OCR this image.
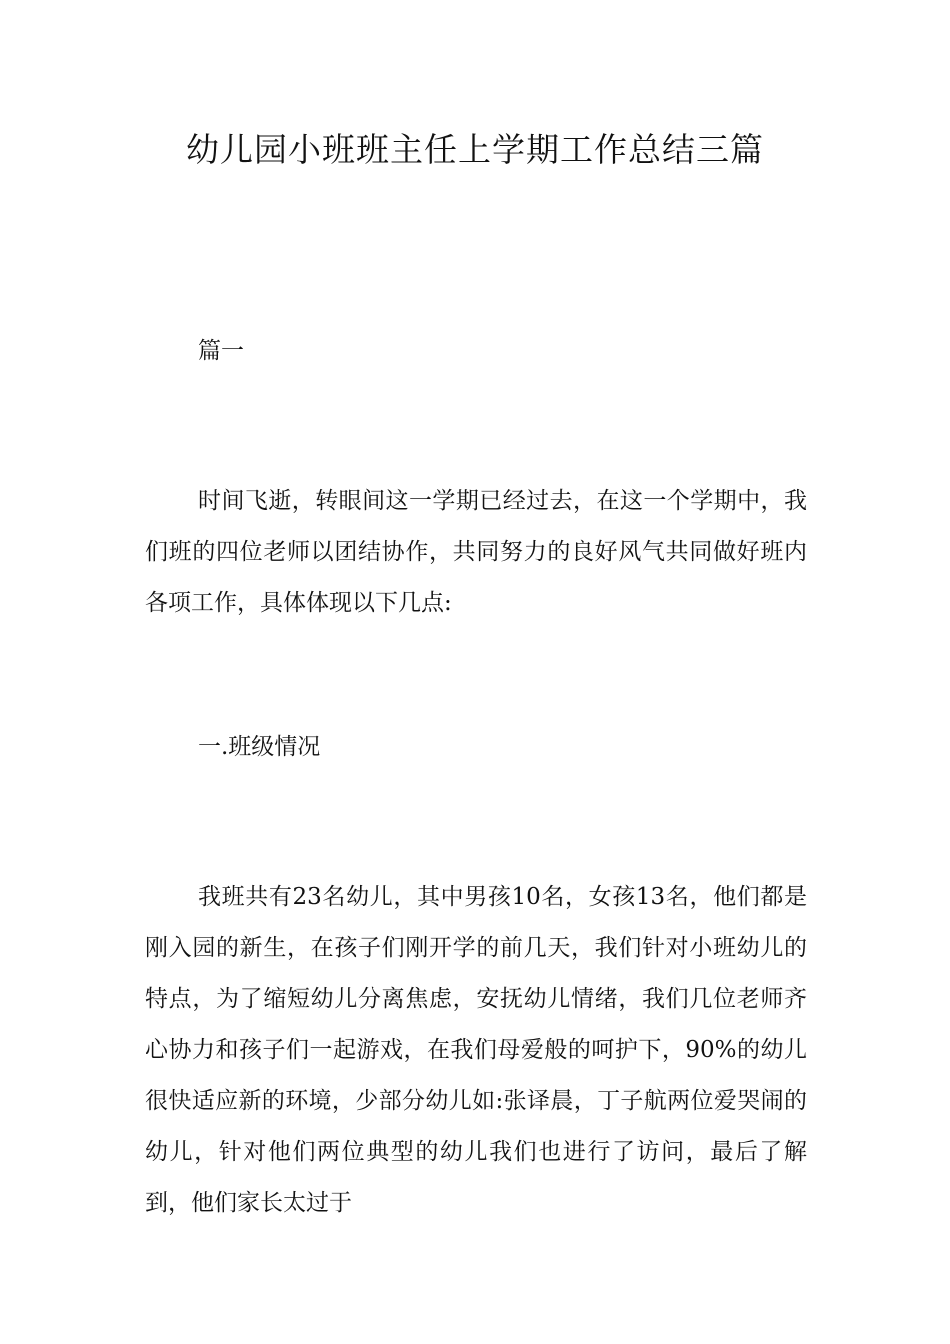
幼儿园小班班主任上学期工作总结三篇

篇一

时间飞逝，转眼间这一学期已经过去，在这一个学期中，我们班的四位老师以团结协作，共同努力的良好风气共同做好班内各项工作，具体体现以下几点:

一.班级情况

我班共有23名幼儿，其中男孩10名，女孩13名，他们都是刚入园的新生，在孩子们刚开学的前几天，我们针对小班幼儿的特点，为了缩短幼儿分离焦虑，安抚幼儿情绪，我们几位老师齐心协力和孩子们一起游戏，在我们母爱般的呵护下，90%的幼儿很快适应新的环境，少部分幼儿如:张译晨，丁子航两位爱哭闹的幼儿，针对他们两位典型的幼儿我们也进行了访问，最后了解到，他们家长太过于
